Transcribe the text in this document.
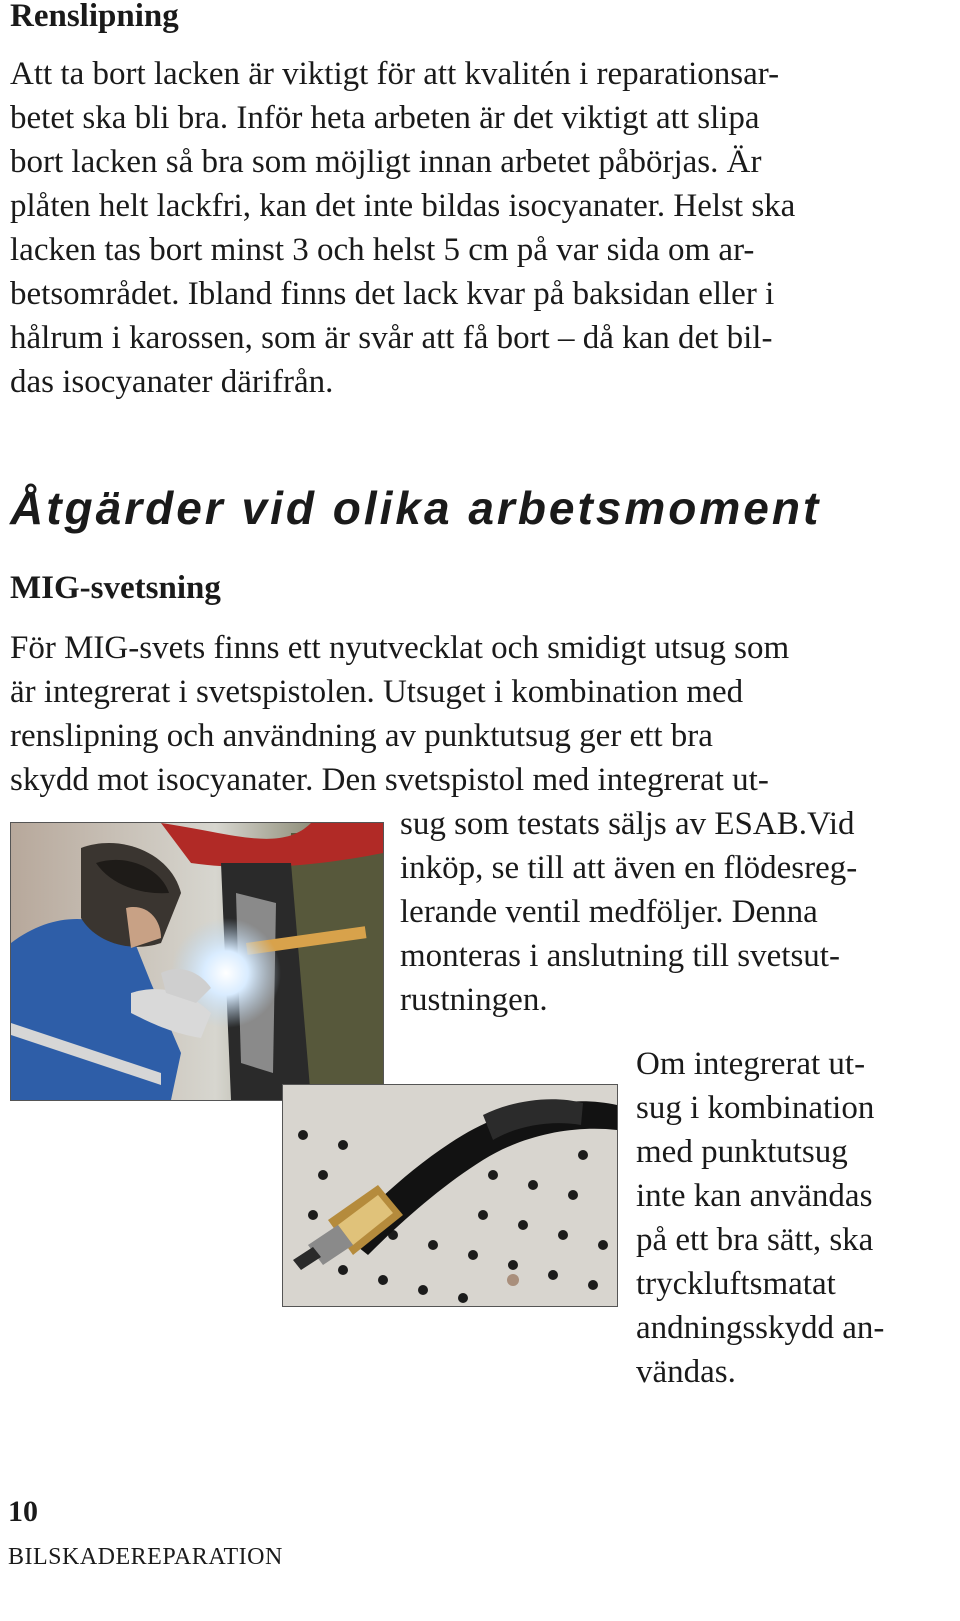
Renslipning

Att ta bort lacken är viktigt för att kvalitén i reparationsar-
betet ska bli bra. Inför heta arbeten är det viktigt att slipa
bort lacken så bra som möjligt innan arbetet påbörjas. Är
plåten helt lackfri, kan det inte bildas isocyanater. Helst ska
lacken tas bort minst 3 och helst 5 cm på var sida om ar-
betsområdet. Ibland finns det lack kvar på baksidan eller i
hålrum i karossen, som är svår att få bort – då kan det bil-
das isocyanater därifrån.

Åtgärder vid olika arbetsmoment
MIG-svetsning

För MIG-svets finns ett nyutvecklat och smidigt utsug som
är integrerat i svetspistolen. Utsuget i kombination med
renslipning och användning av punktutsug ger ett bra
skydd mot isocyanater. Den svetspistol med integrerat ut-

sug som testats säljs av ESAB.Vid
inköp, se till att även en flödesreg-
lerande ventil medföljer. Denna
monteras i anslutning till svetsut-
rustningen.

Om integrerat ut-
sug i kombination
med punktutsug
inte kan användas
på ett bra sätt, ska
tryckluftsmatat
andningsskydd an-
vändas.

10
BILSKADEREPARATION
